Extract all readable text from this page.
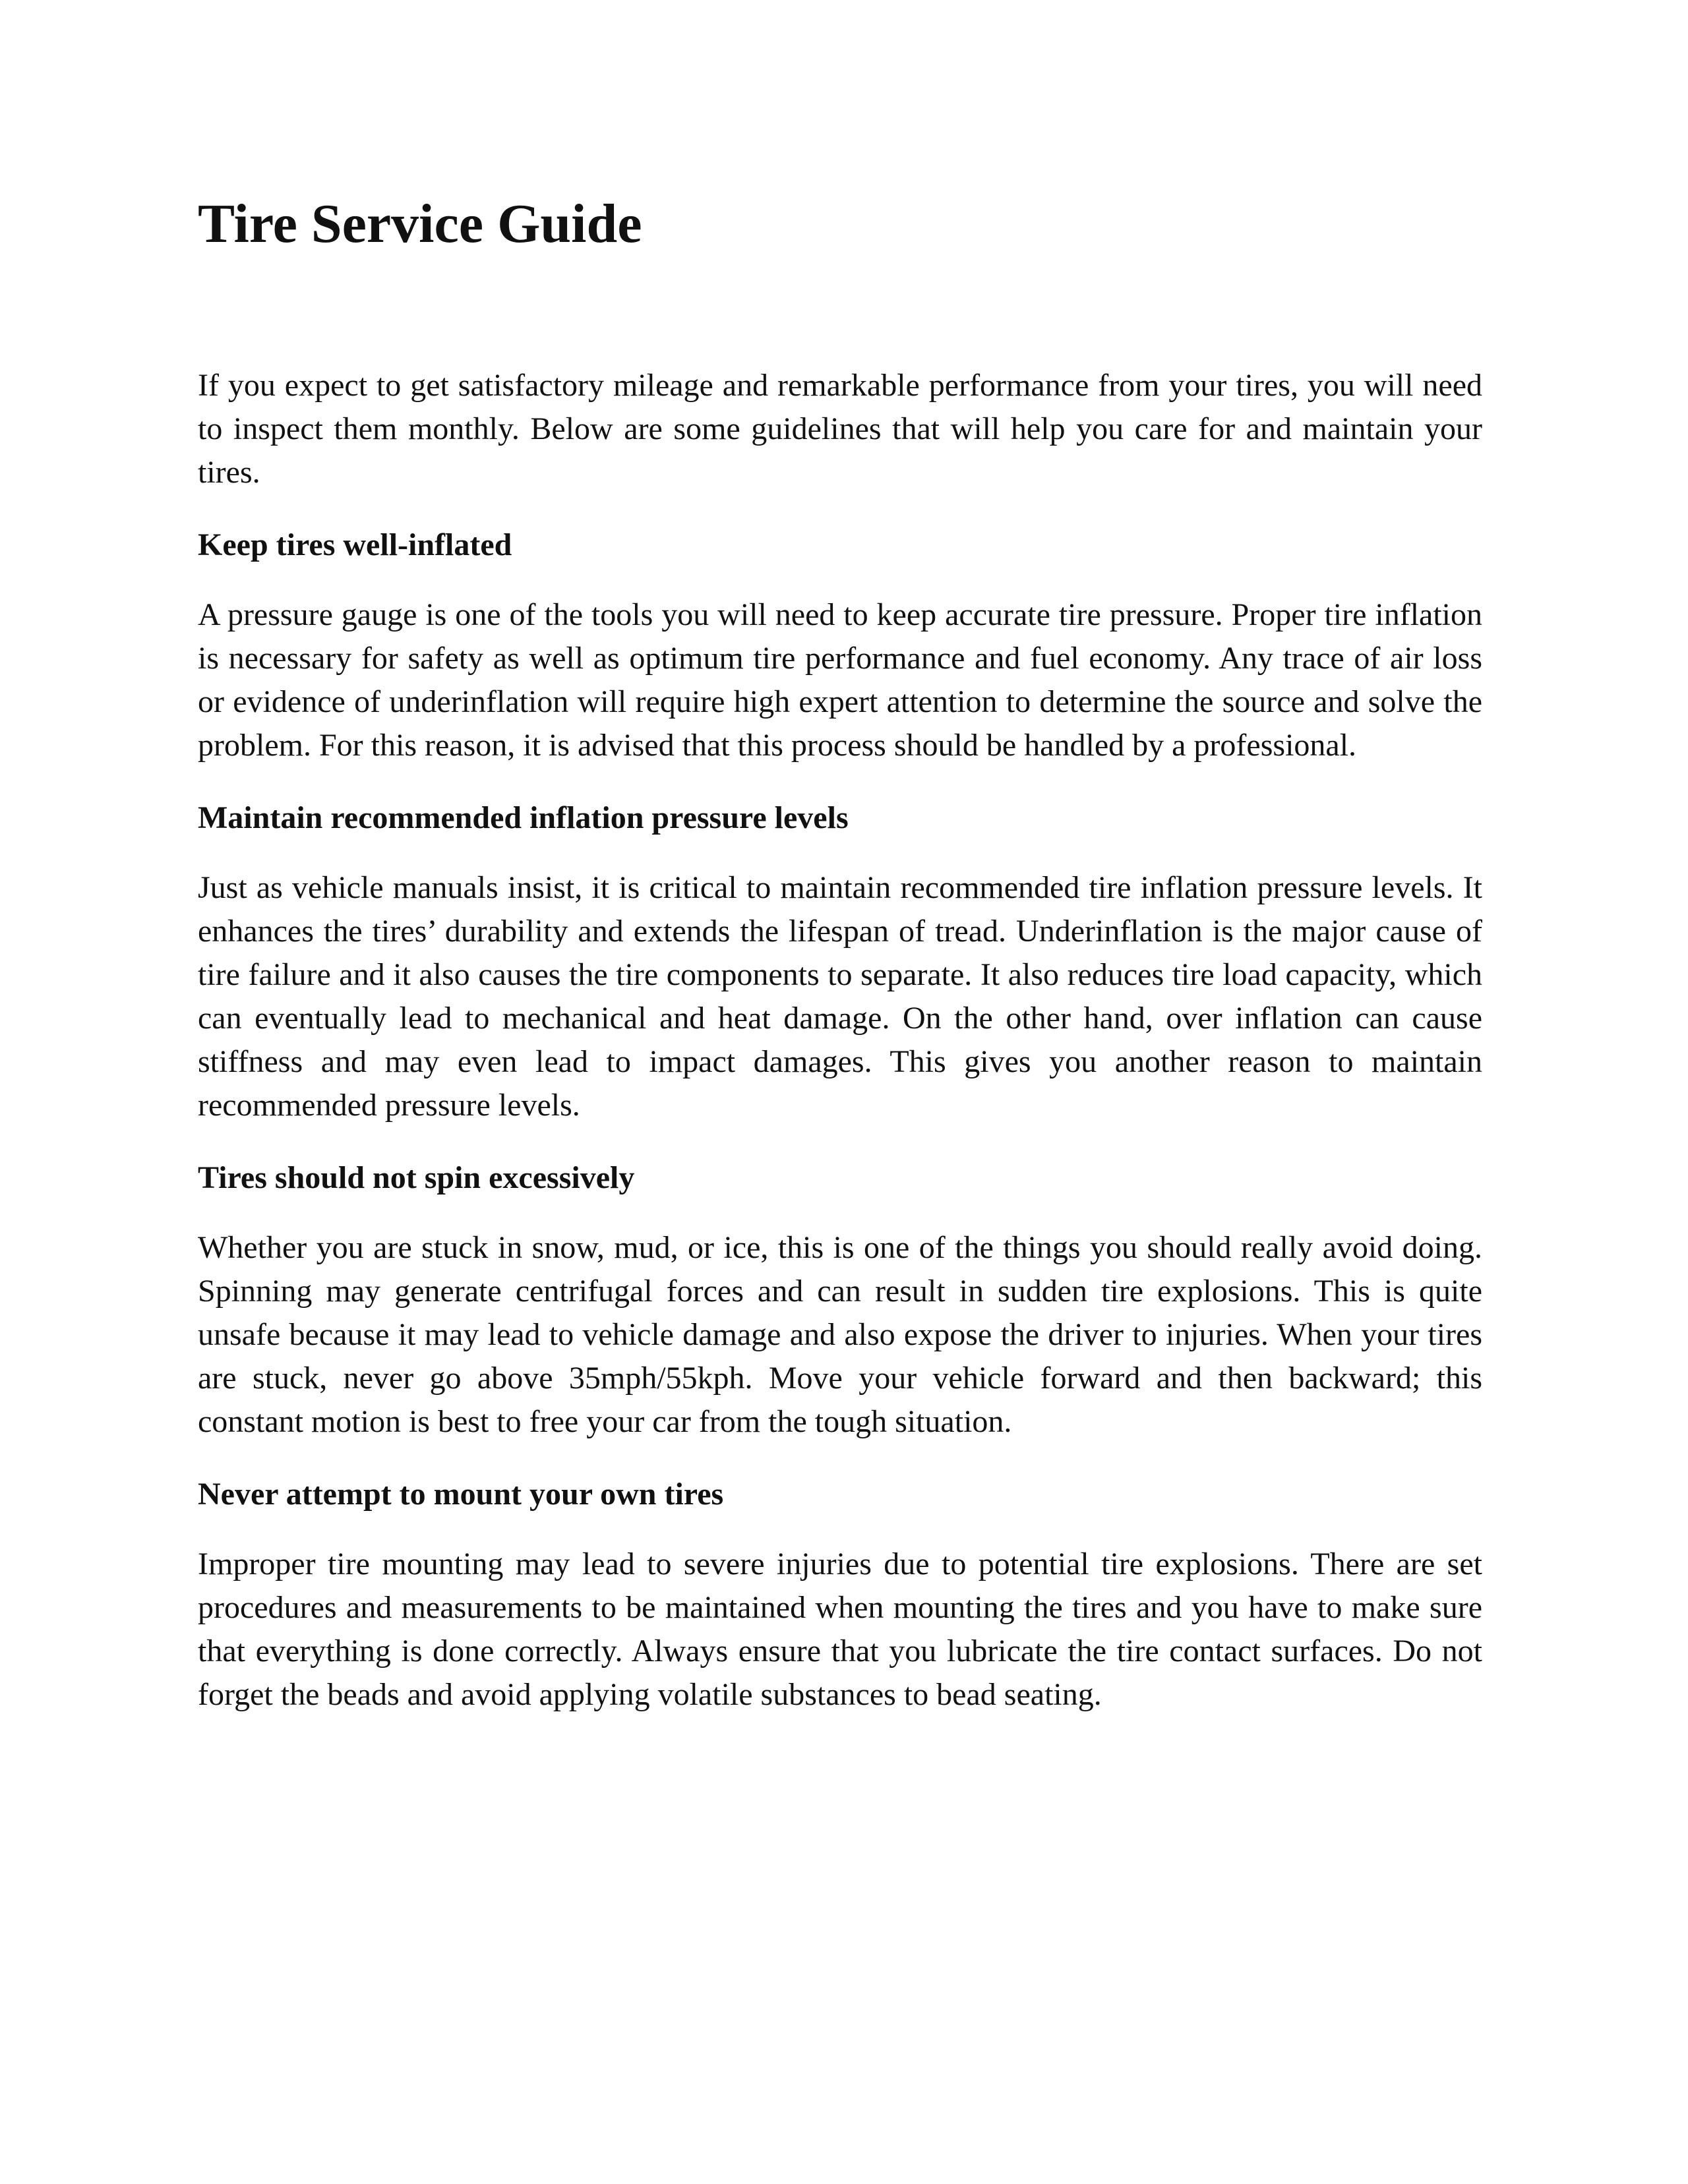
Tire Service Guide

If you expect to get satisfactory mileage and remarkable performance from your tires, you will need to inspect them monthly. Below are some guidelines that will help you care for and maintain your tires.

Keep tires well-inflated

A pressure gauge is one of the tools you will need to keep accurate tire pressure. Proper tire inflation is necessary for safety as well as optimum tire performance and fuel economy. Any trace of air loss or evidence of underinflation will require high expert attention to determine the source and solve the problem. For this reason, it is advised that this process should be handled by a professional.

Maintain recommended inflation pressure levels

Just as vehicle manuals insist, it is critical to maintain recommended tire inflation pressure levels. It enhances the tires’ durability and extends the lifespan of tread. Underinflation is the major cause of tire failure and it also causes the tire components to separate. It also reduces tire load capacity, which can eventually lead to mechanical and heat damage. On the other hand, over inflation can cause stiffness and may even lead to impact damages. This gives you another reason to maintain recommended pressure levels.

Tires should not spin excessively

Whether you are stuck in snow, mud, or ice, this is one of the things you should really avoid doing. Spinning may generate centrifugal forces and can result in sudden tire explosions. This is quite unsafe because it may lead to vehicle damage and also expose the driver to injuries. When your tires are stuck, never go above 35mph/55kph. Move your vehicle forward and then backward; this constant motion is best to free your car from the tough situation.

Never attempt to mount your own tires

Improper tire mounting may lead to severe injuries due to potential tire explosions. There are set procedures and measurements to be maintained when mounting the tires and you have to make sure that everything is done correctly. Always ensure that you lubricate the tire contact surfaces. Do not forget the beads and avoid applying volatile substances to bead seating.
